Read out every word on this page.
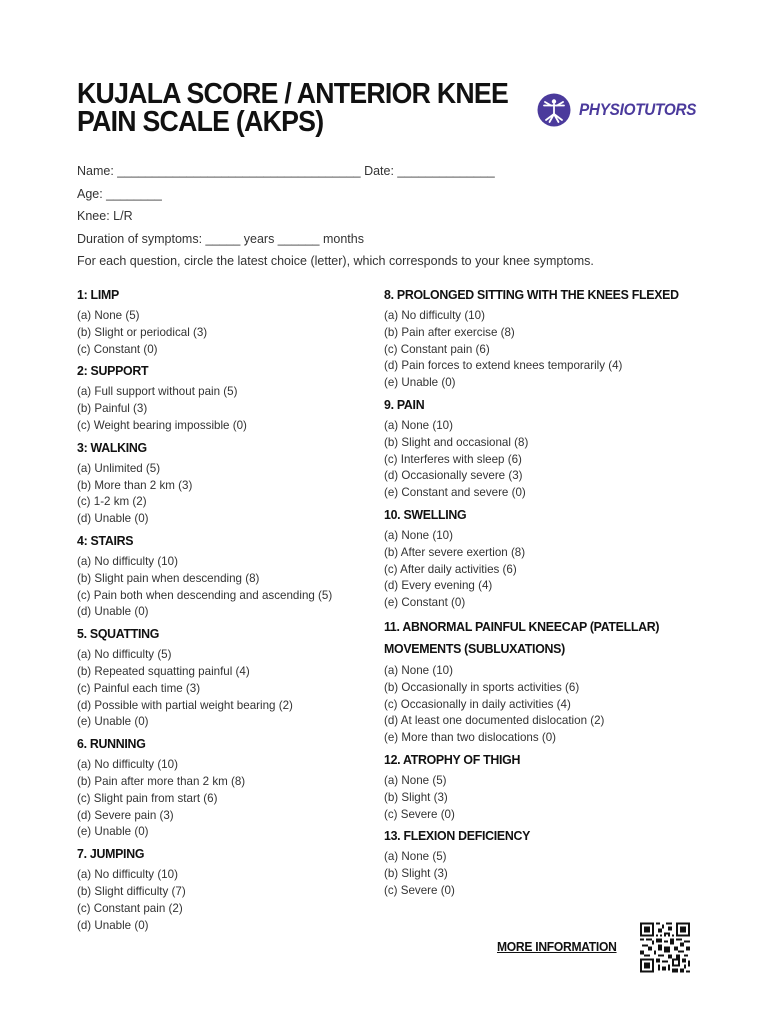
KUJALA SCORE / ANTERIOR KNEE
PAIN SCALE (AKPS)	PHYSIOTUTORS
Name: ___________________________________ Date: ______________
Age: ________
Knee: L/R
Duration of symptoms: _____ years ______ months
For each question, circle the latest choice (letter), which corresponds to your knee symptoms.
1: LIMP
(a) None (5)
(b) Slight or periodical (3)
(c) Constant (0)
2: SUPPORT
(a) Full support without pain (5)
(b) Painful (3)
(c) Weight bearing impossible (0)
3: WALKING
(a) Unlimited (5)
(b) More than 2 km (3)
(c) 1-2 km (2)
(d) Unable (0)
4: STAIRS
(a) No difficulty (10)
(b) Slight pain when descending (8)
(c) Pain both when descending and ascending (5)
(d) Unable (0)
5. SQUATTING
(a) No difficulty (5)
(b) Repeated squatting painful (4)
(c) Painful each time (3)
(d) Possible with partial weight bearing (2)
(e) Unable (0)
6. RUNNING
(a) No difficulty (10)
(b) Pain after more than 2 km (8)
(c) Slight pain from start (6)
(d) Severe pain (3)
(e) Unable (0)
7. JUMPING
(a) No difficulty (10)
(b) Slight difficulty (7)
(c) Constant pain (2)
(d) Unable (0)
8. PROLONGED SITTING WITH THE KNEES FLEXED
(a) No difficulty (10)
(b) Pain after exercise (8)
(c) Constant pain (6)
(d) Pain forces to extend knees temporarily (4)
(e) Unable (0)
9. PAIN
(a) None (10)
(b) Slight and occasional (8)
(c) Interferes with sleep (6)
(d) Occasionally severe (3)
(e) Constant and severe (0)
10. SWELLING
(a) None (10)
(b) After severe exertion (8)
(c) After daily activities (6)
(d) Every evening (4)
(e) Constant (0)
11. ABNORMAL PAINFUL KNEECAP (PATELLAR) MOVEMENTS (SUBLUXATIONS)
(a) None (10)
(b) Occasionally in sports activities (6)
(c) Occasionally in daily activities (4)
(d) At least one documented dislocation (2)
(e) More than two dislocations (0)
12. ATROPHY OF THIGH
(a) None (5)
(b) Slight (3)
(c) Severe (0)
13. FLEXION DEFICIENCY
(a) None (5)
(b) Slight (3)
(c) Severe (0)
MORE INFORMATION
